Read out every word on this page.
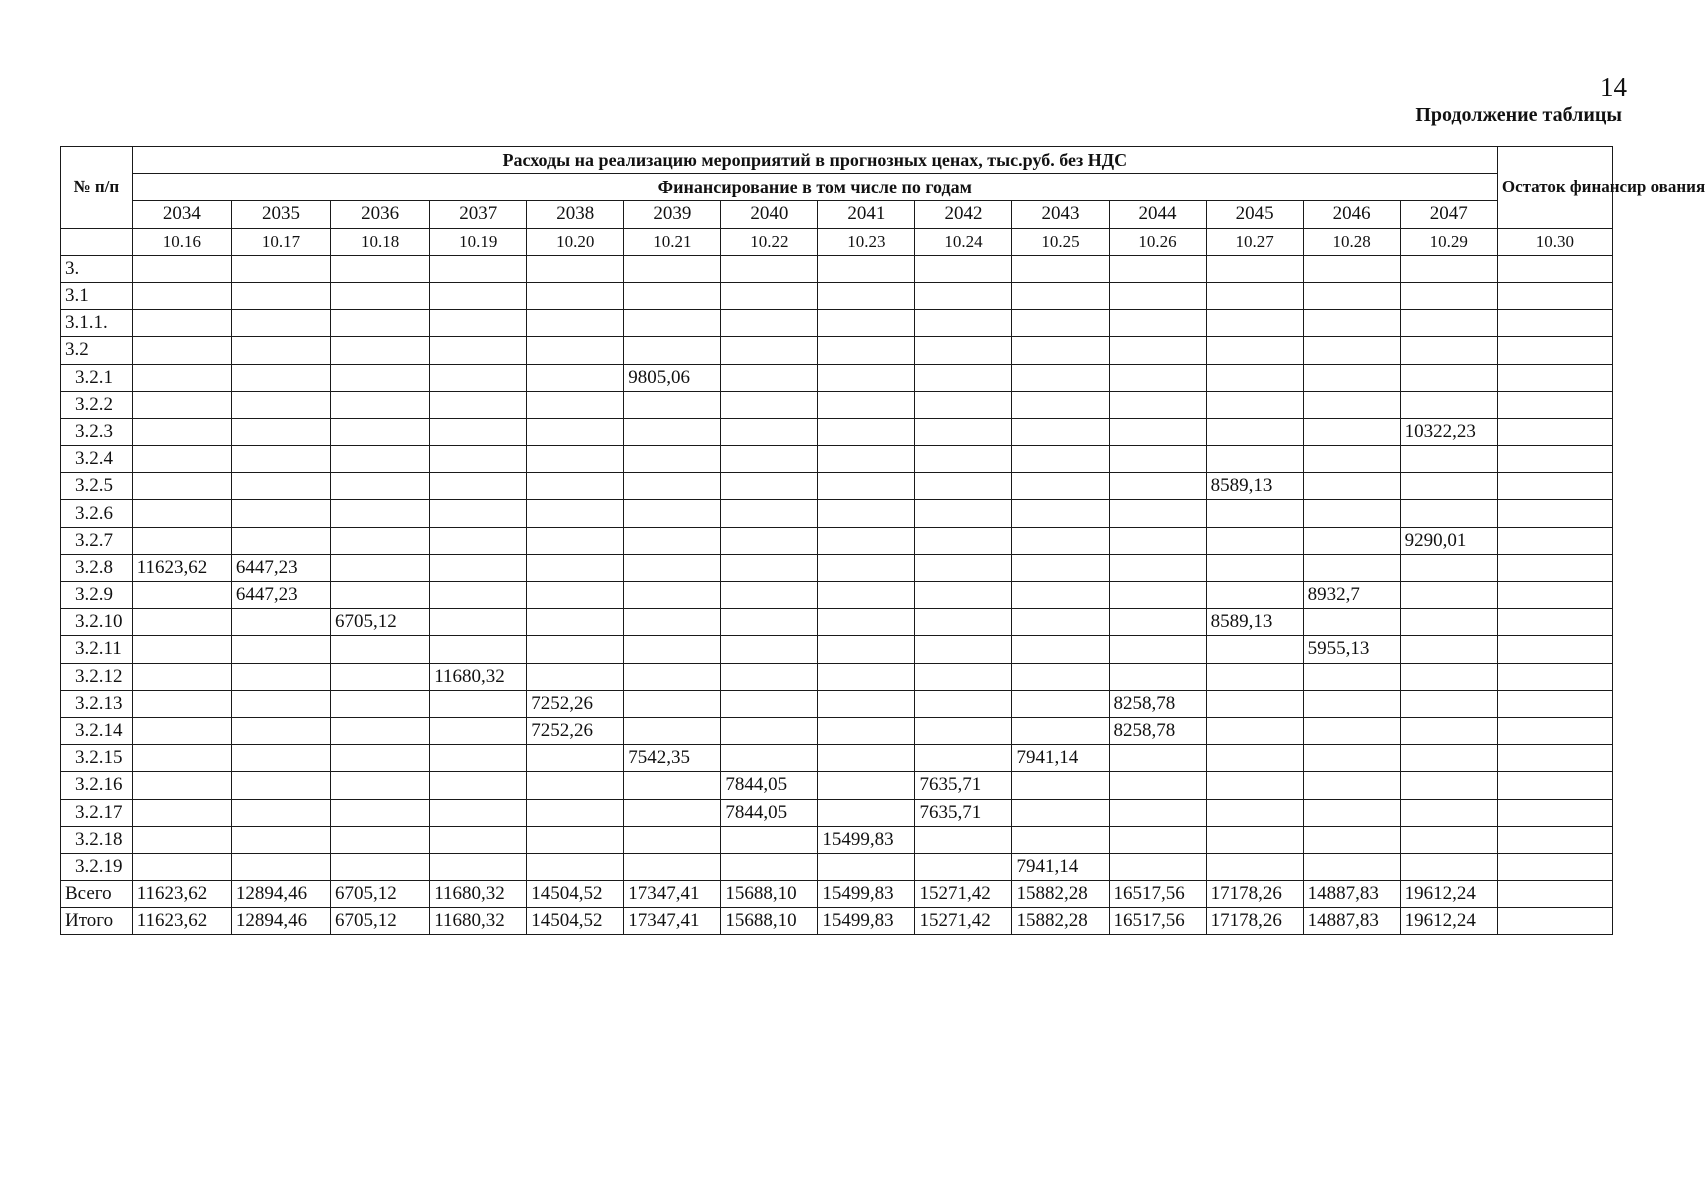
14
Продолжение таблицы
№ п/п	Расходы на реализацию мероприятий в прогнозных ценах, тыс.руб. без НДС														Остаток финансир ования
	Финансирование в том числе по годам														
	2034	2035	2036	2037	2038	2039	2040	2041	2042	2043	2044	2045	2046	2047	
	10.16	10.17	10.18	10.19	10.20	10.21	10.22	10.23	10.24	10.25	10.26	10.27	10.28	10.29	10.30
3.															
3.1															
3.1.1.															
3.2															
3.2.1						9805,06									
3.2.2															
3.2.3														10322,23	
3.2.4															
3.2.5												8589,13			
3.2.6															
3.2.7														9290,01	
3.2.8	11623,62	6447,23													
3.2.9		6447,23											8932,7		
3.2.10			6705,12									8589,13			
3.2.11													5955,13		
3.2.12				11680,32											
3.2.13					7252,26						8258,78				
3.2.14					7252,26						8258,78				
3.2.15						7542,35				7941,14					
3.2.16							7844,05		7635,71						
3.2.17							7844,05		7635,71						
3.2.18								15499,83							
3.2.19										7941,14					
Всего	11623,62	12894,46	6705,12	11680,32	14504,52	17347,41	15688,10	15499,83	15271,42	15882,28	16517,56	17178,26	14887,83	19612,24	
Итого	11623,62	12894,46	6705,12	11680,32	14504,52	17347,41	15688,10	15499,83	15271,42	15882,28	16517,56	17178,26	14887,83	19612,24	
